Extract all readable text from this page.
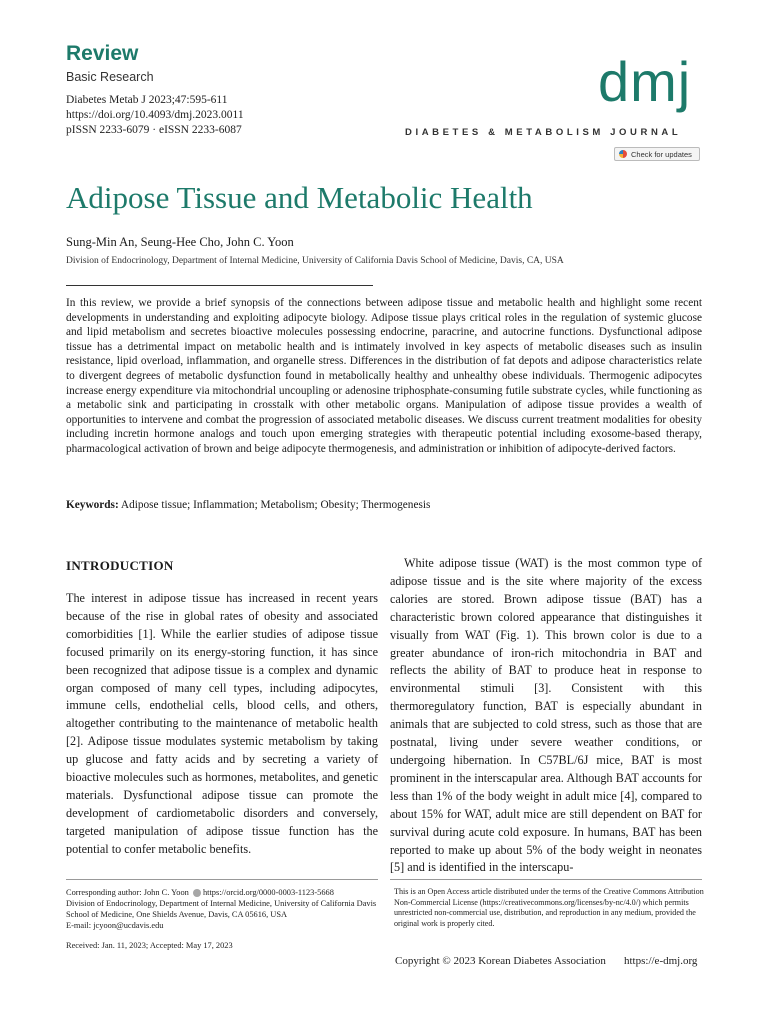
Review
Basic Research
Diabetes Metab J 2023;47:595-611
https://doi.org/10.4093/dmj.2023.0011
pISSN 2233-6079 · eISSN 2233-6087
dmj
DIABETES & METABOLISM JOURNAL
Check for updates
Adipose Tissue and Metabolic Health
Sung-Min An, Seung-Hee Cho, John C. Yoon
Division of Endocrinology, Department of Internal Medicine, University of California Davis School of Medicine, Davis, CA, USA

In this review, we provide a brief synopsis of the connections between adipose tissue and metabolic health and highlight some recent developments in understanding and exploiting adipocyte biology. Adipose tissue plays critical roles in the regulation of systemic glucose and lipid metabolism and secretes bioactive molecules possessing endocrine, paracrine, and autocrine functions. Dysfunctional adipose tissue has a detrimental impact on metabolic health and is intimately involved in key aspects of metabolic diseases such as insulin resistance, lipid overload, inflammation, and organelle stress. Differences in the distribution of fat depots and adipose characteristics relate to divergent degrees of metabolic dysfunction found in metabolically healthy and unhealthy obese individuals. Thermogenic adipocytes increase energy expenditure via mitochondrial uncoupling or adenosine triphosphate-consuming futile substrate cycles, while functioning as a metabolic sink and participating in crosstalk with other metabolic organs. Manipulation of adipose tissue provides a wealth of opportunities to intervene and combat the progression of associated metabolic diseases. We discuss current treatment modalities for obesity including incretin hormone analogs and touch upon emerging strategies with therapeutic potential including exosome-based therapy, pharmacological activation of brown and beige adipocyte thermogenesis, and administration or inhibition of adipocyte-derived factors.

Keywords: Adipose tissue; Inflammation; Metabolism; Obesity; Thermogenesis
INTRODUCTION

The interest in adipose tissue has increased in recent years because of the rise in global rates of obesity and associated comorbidities [1]. While the earlier studies of adipose tissue focused primarily on its energy-storing function, it has since been recognized that adipose tissue is a complex and dynamic organ composed of many cell types, including adipocytes, immune cells, endothelial cells, blood cells, and others, altogether contributing to the maintenance of metabolic health [2]. Adipose tissue modulates systemic metabolism by taking up glucose and fatty acids and by secreting a variety of bioactive molecules such as hormones, metabolites, and genetic materials. Dysfunctional adipose tissue can promote the development of cardiometabolic disorders and conversely, targeted manipulation of adipose tissue function has the potential to confer metabolic benefits.

White adipose tissue (WAT) is the most common type of adipose tissue and is the site where majority of the excess calories are stored. Brown adipose tissue (BAT) has a characteristic brown colored appearance that distinguishes it visually from WAT (Fig. 1). This brown color is due to a greater abundance of iron-rich mitochondria in BAT and reflects the ability of BAT to produce heat in response to environmental stimuli [3]. Consistent with this thermoregulatory function, BAT is especially abundant in animals that are subjected to cold stress, such as those that are postnatal, living under severe weather conditions, or undergoing hibernation. In C57BL/6J mice, BAT is most prominent in the interscapular area. Although BAT accounts for less than 1% of the body weight in adult mice [4], compared to about 15% for WAT, adult mice are still dependent on BAT for survival during acute cold exposure. In humans, BAT has been reported to make up about 5% of the body weight in neonates [5] and is identified in the interscapu-

Corresponding author: John C. Yoon https://orcid.org/0000-0003-1123-5668
Division of Endocrinology, Department of Internal Medicine, University of California Davis School of Medicine, One Shields Avenue, Davis, CA 05616, USA
E-mail: jcyoon@ucdavis.edu
Received: Jan. 11, 2023; Accepted: May 17, 2023
This is an Open Access article distributed under the terms of the Creative Commons Attribution Non-Commercial License (https://creativecommons.org/licenses/by-nc/4.0/) which permits unrestricted non-commercial use, distribution, and reproduction in any medium, provided the original work is properly cited.
Copyright © 2023 Korean Diabetes Association https://e-dmj.org
